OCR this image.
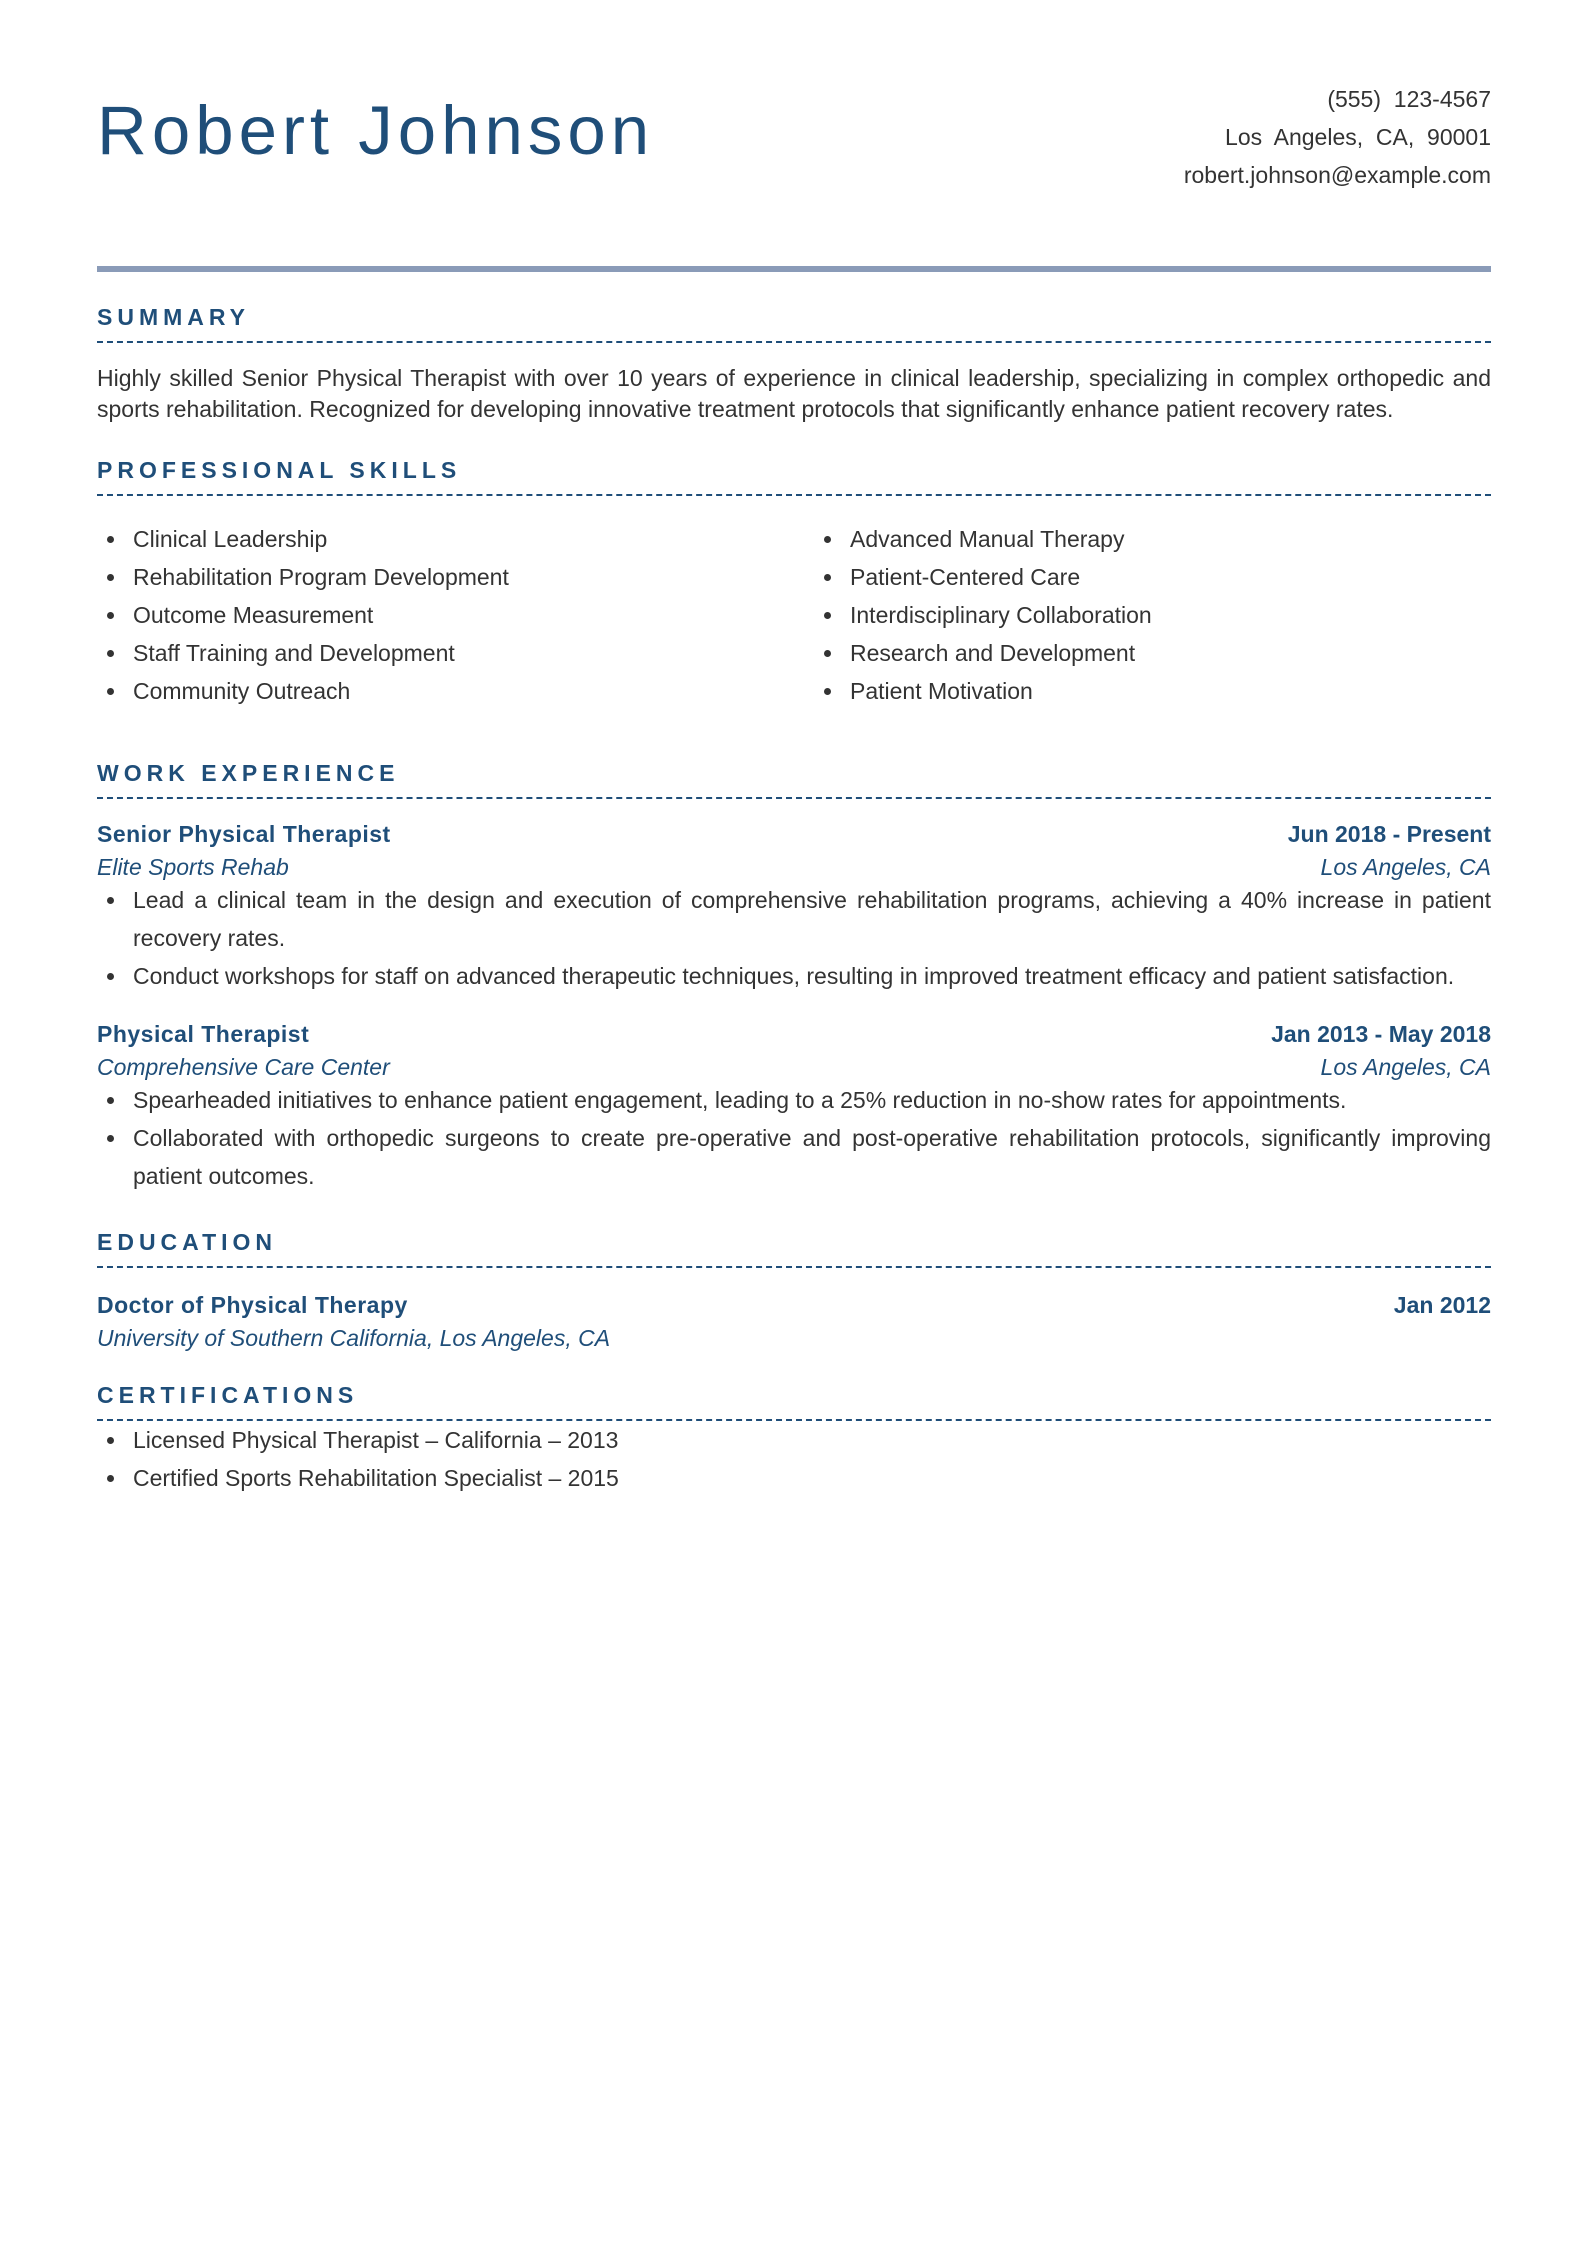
Robert Johnson	(555)  123-4567
Los  Angeles,  CA,  90001
robert.johnson@example.com
SUMMARY
Highly skilled Senior Physical Therapist with over 10 years of experience in clinical leadership, specializing in complex orthopedic and sports rehabilitation. Recognized for developing innovative treatment protocols that significantly enhance patient recovery rates.
PROFESSIONAL SKILLS
Clinical Leadership
Rehabilitation Program Development
Outcome Measurement
Staff Training and Development
Community Outreach
Advanced Manual Therapy
Patient-Centered Care
Interdisciplinary Collaboration
Research and Development
Patient Motivation
WORK EXPERIENCE
Senior Physical Therapist	Jun 2018 - Present
Elite Sports Rehab	Los Angeles, CA
Lead a clinical team in the design and execution of comprehensive rehabilitation programs, achieving a 40% increase in patient recovery rates.
Conduct workshops for staff on advanced therapeutic techniques, resulting in improved treatment efficacy and patient satisfaction.
Physical Therapist	Jan 2013 - May 2018
Comprehensive Care Center	Los Angeles, CA
Spearheaded initiatives to enhance patient engagement, leading to a 25% reduction in no-show rates for appointments.
Collaborated with orthopedic surgeons to create pre-operative and post-operative rehabilitation protocols, significantly improving patient outcomes.
EDUCATION
Doctor of Physical Therapy	Jan 2012
University of Southern California, Los Angeles, CA
CERTIFICATIONS
Licensed Physical Therapist – California – 2013
Certified Sports Rehabilitation Specialist – 2015
